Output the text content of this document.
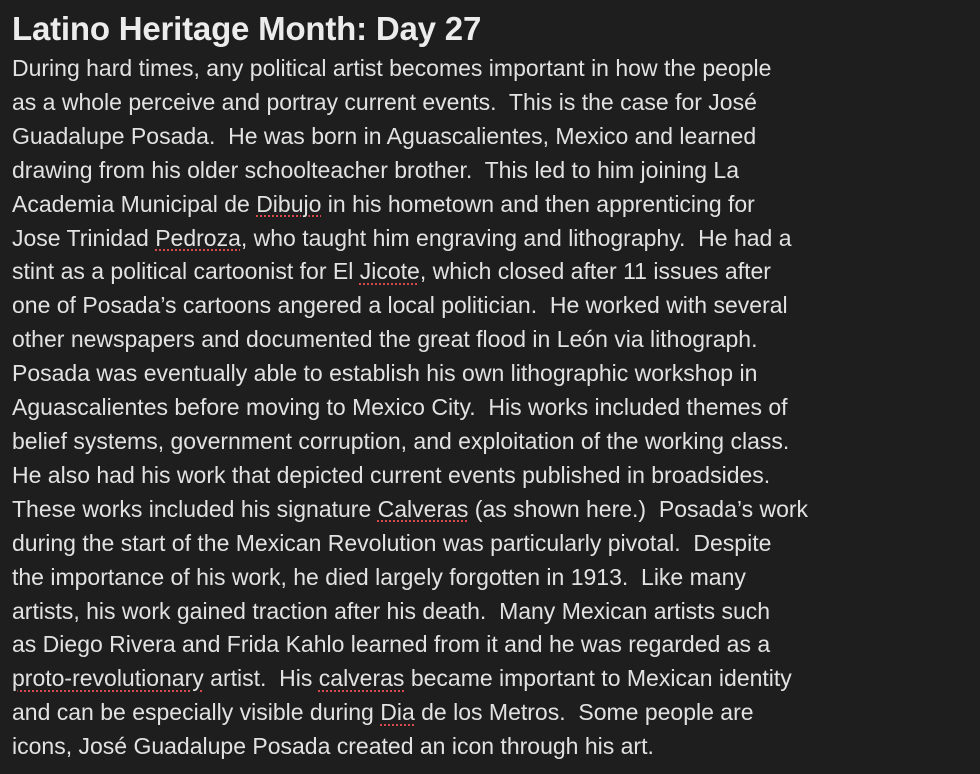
Latino Heritage Month: Day 27
During hard times, any political artist becomes important in how the people
as a whole perceive and portray current events.  This is the case for José
Guadalupe Posada.  He was born in Aguascalientes, Mexico and learned
drawing from his older schoolteacher brother.  This led to him joining La
Academia Municipal de Dibujo in his hometown and then apprenticing for
Jose Trinidad Pedroza, who taught him engraving and lithography.  He had a
stint as a political cartoonist for El Jicote, which closed after 11 issues after
one of Posada’s cartoons angered a local politician.  He worked with several
other newspapers and documented the great flood in León via lithograph.
Posada was eventually able to establish his own lithographic workshop in
Aguascalientes before moving to Mexico City.  His works included themes of
belief systems, government corruption, and exploitation of the working class.
He also had his work that depicted current events published in broadsides.
These works included his signature Calveras (as shown here.)  Posada’s work
during the start of the Mexican Revolution was particularly pivotal.  Despite
the importance of his work, he died largely forgotten in 1913.  Like many
artists, his work gained traction after his death.  Many Mexican artists such
as Diego Rivera and Frida Kahlo learned from it and he was regarded as a
proto-revolutionary artist.  His calveras became important to Mexican identity
and can be especially visible during Dia de los Metros.  Some people are
icons, José Guadalupe Posada created an icon through his art.
